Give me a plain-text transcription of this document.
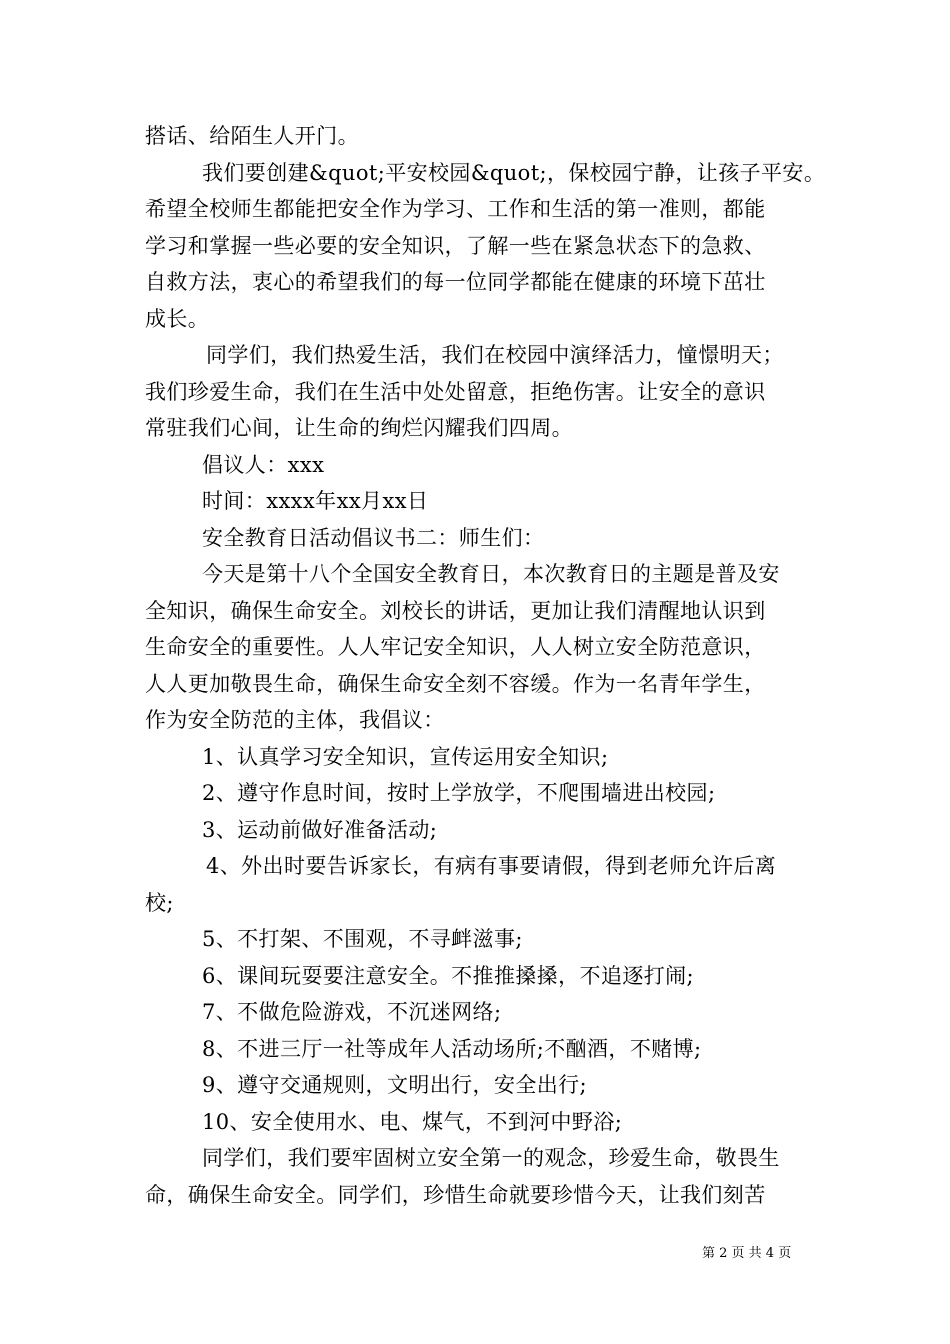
搭话、给陌生人开门。
我们要创建&quot;平安校园&quot;，保校园宁静，让孩子平安。
希望全校师生都能把安全作为学习、工作和生活的第一准则，都能
学习和掌握一些必要的安全知识，了解一些在紧急状态下的急救、
自救方法，衷心的希望我们的每一位同学都能在健康的环境下茁壮
成长。
同学们，我们热爱生活，我们在校园中演绎活力，憧憬明天；
我们珍爱生命，我们在生活中处处留意，拒绝伤害。让安全的意识
常驻我们心间，让生命的绚烂闪耀我们四周。
倡议人：xxx
时间：xxxx年xx月xx日
安全教育日活动倡议书二：师生们：
今天是第十八个全国安全教育日，本次教育日的主题是普及安
全知识，确保生命安全。刘校长的讲话，更加让我们清醒地认识到
生命安全的重要性。人人牢记安全知识，人人树立安全防范意识，
人人更加敬畏生命，确保生命安全刻不容缓。作为一名青年学生，
作为安全防范的主体，我倡议：
1、认真学习安全知识，宣传运用安全知识;
2、遵守作息时间，按时上学放学，不爬围墙进出校园;
3、运动前做好准备活动;
4、外出时要告诉家长，有病有事要请假，得到老师允许后离
校;
5、不打架、不围观，不寻衅滋事;
6、课间玩耍要注意安全。不推推搡搡，不追逐打闹;
7、不做危险游戏，不沉迷网络;
8、不进三厅一社等成年人活动场所;不酗酒，不赌博;
9、遵守交通规则，文明出行，安全出行;
10、安全使用水、电、煤气，不到河中野浴;
同学们，我们要牢固树立安全第一的观念，珍爱生命，敬畏生
命，确保生命安全。同学们，珍惜生命就要珍惜今天，让我们刻苦
第 2 页 共 4 页
